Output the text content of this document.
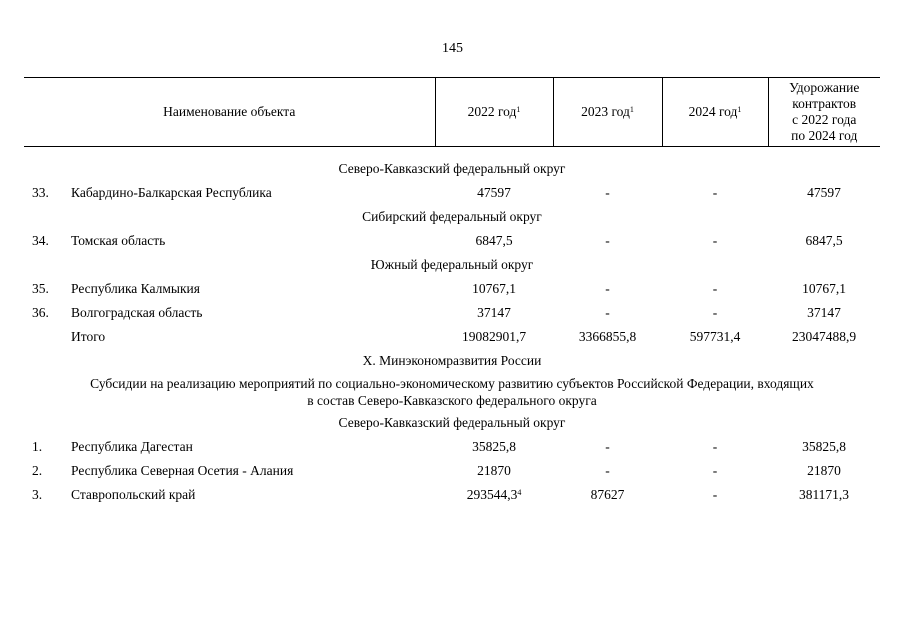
145
Наименование объекта		2022 год$^1$	2023 год$^1$	2024 год$^1$	Удорожание
контрактов
с 2022 года
по 2024 год

Северо-Кавказский федеральный округ					
33.	Кабардино-Балкарская Республика	47597	-	-	47597
Сибирский федеральный округ					
34.	Томская область	6847,5	-	-	6847,5
Южный федеральный округ					
35.	Республика Калмыкия	10767,1	-	-	10767,1
36.	Волгоградская область	37147	-	-	37147
	Итого	19082901,7	3366855,8	597731,4	23047488,9
X. Минэкономразвития России					

Субсидии на реализацию мероприятий по социально-экономическому развитию субъектов Российской Федерации, входящих
в состав Северо-Кавказского федерального округа					

Северо-Кавказский федеральный округ					
1.	Республика Дагестан	35825,8	-	-	35825,8
2.	Республика Северная Осетия - Алания	21870	-	-	21870
3.	Ставропольский край	293544,3$^4$	87627	-	381171,3
